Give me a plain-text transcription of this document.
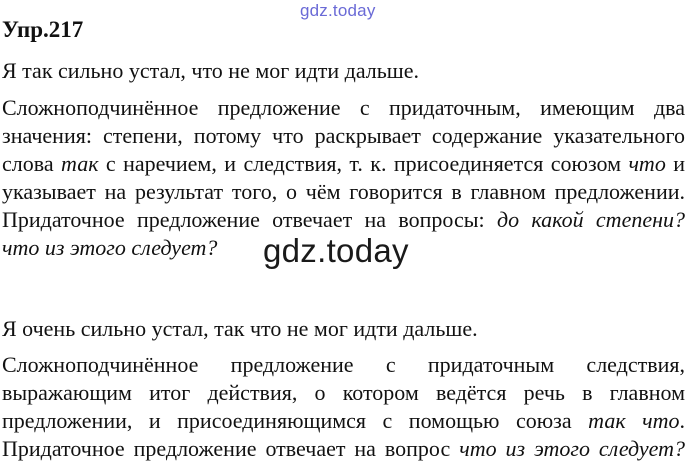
gdz.today
Упр.217
Я так сильно устал, что не мог идти дальше.
Сложноподчинённое предложение с придаточным, имеющим два
значения: степени, потому что раскрывает содержание указательного
слова так с наречием, и следствия, т. к. присоединяется союзом что и
указывает на результат того, о чём говорится в главном предложении.
Придаточное предложение отвечает на вопросы: до какой степени?
что из этого следует?	gdz.today
Я очень сильно устал, так что не мог идти дальше.
Сложноподчинённое предложение с придаточным следствия,
выражающим итог действия, о котором ведётся речь в главном
предложении, и присоединяющимся с помощью союза так что.
Придаточное предложение отвечает на вопрос что из этого следует?
